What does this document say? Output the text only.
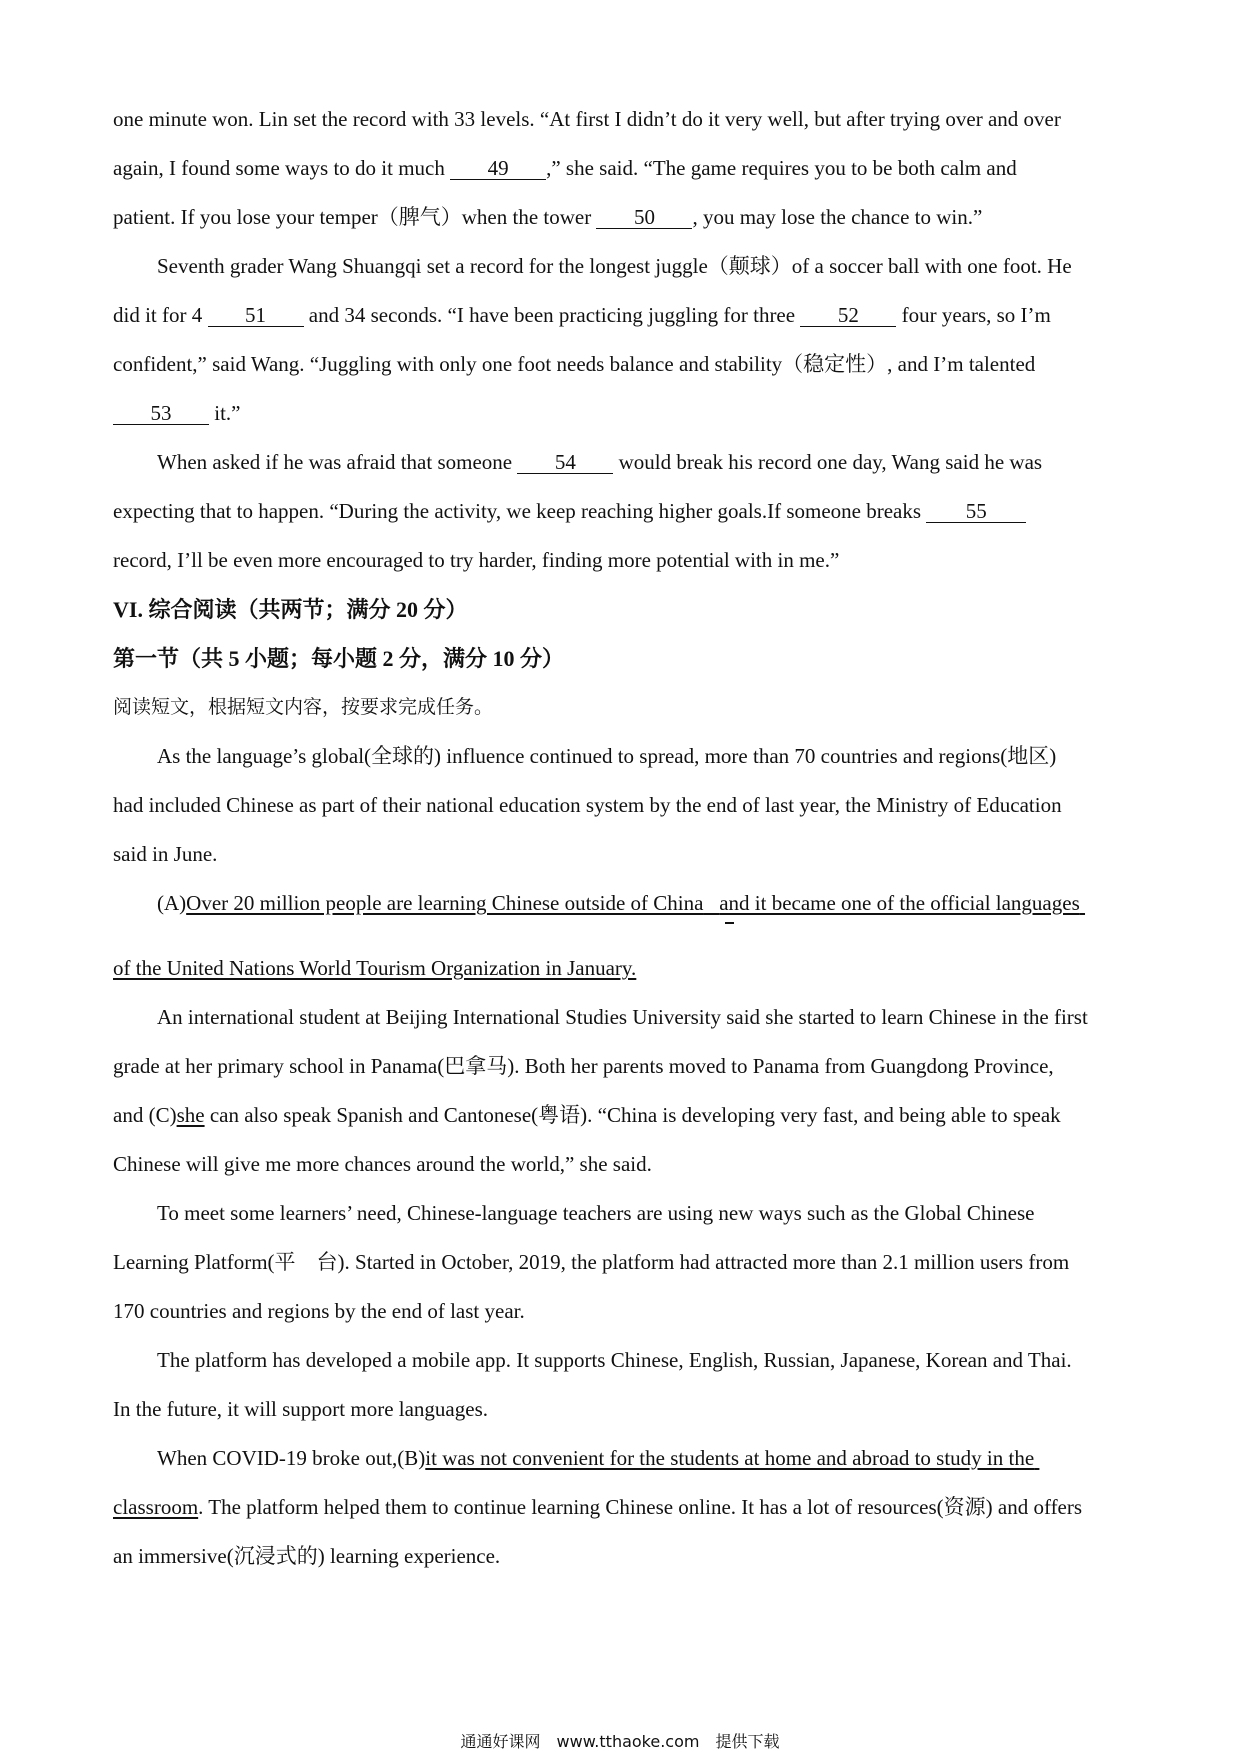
one minute won. Lin set the record with 33 levels. “At first I didn’t do it very well, but after trying over and over

again, I found some ways to do it much 49 ,” she said. “The game requires you to be both calm and

patient. If you lose your temper（脾气）when the tower 50 , you may lose the chance to win.”

Seventh grader Wang Shuangqi set a record for the longest juggle（颠球）of a soccer ball with one foot. He

did it for 4 51 and 34 seconds. “I have been practicing juggling for three 52 four years, so I’m

confident,” said Wang. “Juggling with only one foot needs balance and stability（稳定性）, and I’m talented

53 it.”

When asked if he was afraid that someone 54 would break his record one day, Wang said he was

expecting that to happen. “During the activity, we keep reaching higher goals.If someone breaks 55

record, I’ll be even more encouraged to try harder, finding more potential with in me.”

VI. 综合阅读（共两节；满分 20 分）

第一节（共 5 小题；每小题 2 分，满分 10 分）

阅读短文，根据短文内容，按要求完成任务。

As the language’s global(全球的) influence continued to spread, more than 70 countries and regions(地区)

had included Chinese as part of their national education system by the end of last year, the Ministry of Education

said in June.

(A)Over 20 million people are learning Chinese outside of China and it became one of the official languages

of the United Nations World Tourism Organization in January.

An international student at Beijing International Studies University said she started to learn Chinese in the first

grade at her primary school in Panama(巴拿马). Both her parents moved to Panama from Guangdong Province,

and (C)she can also speak Spanish and Cantonese(粤语). “China is developing very fast, and being able to speak

Chinese will give me more chances around the world,” she said.

To meet some learners’ need, Chinese-language teachers are using new ways such as the Global Chinese

Learning Platform(平　台). Started in October, 2019, the platform had attracted more than 2.1 million users from

170 countries and regions by the end of last year.

The platform has developed a mobile app. It supports Chinese, English, Russian, Japanese, Korean and Thai.

In the future, it will support more languages.

When COVID-19 broke out,(B)it was not convenient for the students at home and abroad to study in the

classroom. The platform helped them to continue learning Chinese online. It has a lot of resources(资源) and offers

an immersive(沉浸式的) learning experience.

通通好课网　www.tthaoke.com　提供下载
